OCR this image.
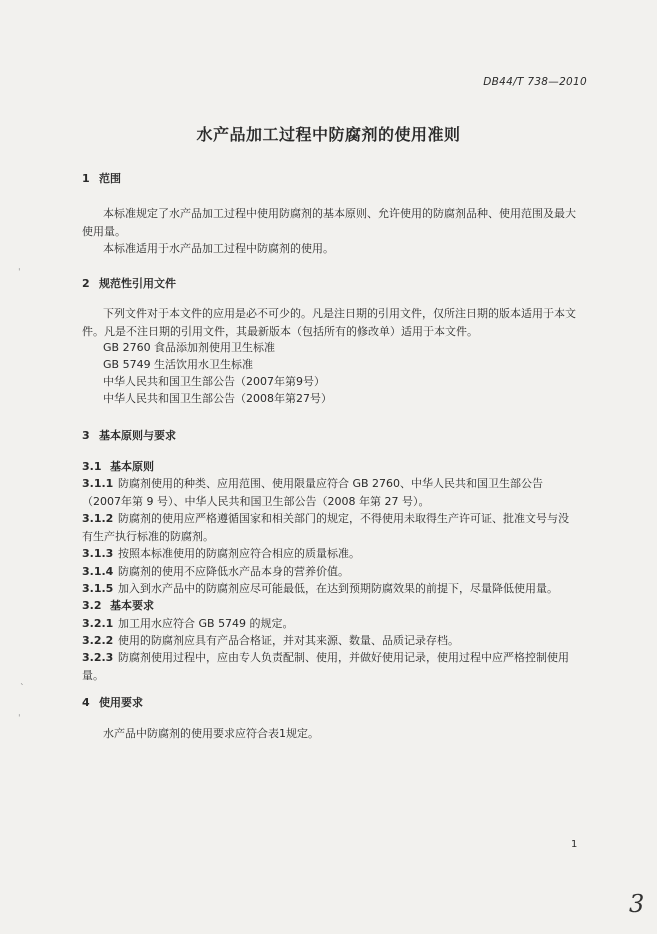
DB44/T 738—2010
水产品加工过程中防腐剂的使用准则
1 范围
本标准规定了水产品加工过程中使用防腐剂的基本原则、允许使用的防腐剂品种、使用范围及最大使用量。
本标准适用于水产品加工过程中防腐剂的使用。
2 规范性引用文件
下列文件对于本文件的应用是必不可少的。凡是注日期的引用文件，仅所注日期的版本适用于本文件。凡是不注日期的引用文件，其最新版本（包括所有的修改单）适用于本文件。
GB 2760 食品添加剂使用卫生标准
GB 5749 生活饮用水卫生标准
中华人民共和国卫生部公告（2007年第9号）
中华人民共和国卫生部公告（2008年第27号）
3 基本原则与要求
3.1 基本原则
3.1.1 防腐剂使用的种类、应用范围、使用限量应符合 GB 2760、中华人民共和国卫生部公告（2007年第 9 号）、中华人民共和国卫生部公告（2008 年第 27 号）。
3.1.2 防腐剂的使用应严格遵循国家和相关部门的规定，不得使用未取得生产许可证、批准文号与没有生产执行标准的防腐剂。
3.1.3 按照本标准使用的防腐剂应符合相应的质量标准。
3.1.4 防腐剂的使用不应降低水产品本身的营养价值。
3.1.5 加入到水产品中的防腐剂应尽可能最低，在达到预期防腐效果的前提下，尽量降低使用量。
3.2 基本要求
3.2.1 加工用水应符合 GB 5749 的规定。
3.2.2 使用的防腐剂应具有产品合格证，并对其来源、数量、品质记录存档。
3.2.3 防腐剂使用过程中，应由专人负责配制、使用，并做好使用记录，使用过程中应严格控制使用量。
4 使用要求
水产品中防腐剂的使用要求应符合表1规定。
1
3
ˌ
ˎ
ˌ
